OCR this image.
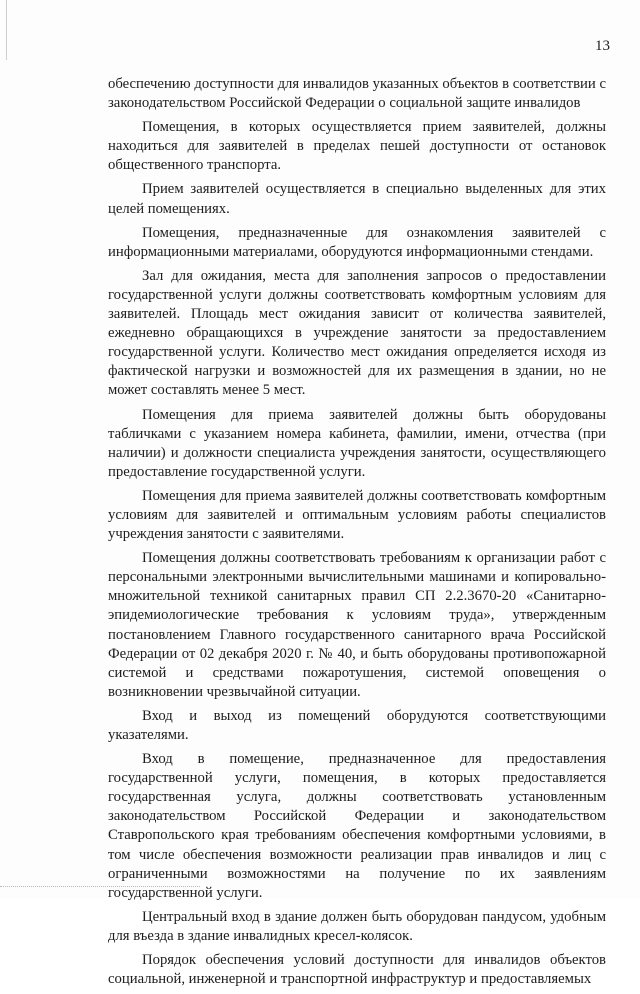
13

обеспечению доступности для инвалидов указанных объектов в соответствии с законодательством Российской Федерации о социальной защите инвалидов

Помещения, в которых осуществляется прием заявителей, должны находиться для заявителей в пределах пешей доступности от остановок общественного транспорта.

Прием заявителей осуществляется в специально выделенных для этих целей помещениях.

Помещения, предназначенные для ознакомления заявителей с информационными материалами, оборудуются информационными стендами.

Зал для ожидания, места для заполнения запросов о предоставлении государственной услуги должны соответствовать комфортным условиям для заявителей. Площадь мест ожидания зависит от количества заявителей, ежедневно обращающихся в учреждение занятости за предоставлением государственной услуги. Количество мест ожидания определяется исходя из фактической нагрузки и возможностей для их размещения в здании, но не может составлять менее 5 мест.

Помещения для приема заявителей должны быть оборудованы табличками с указанием номера кабинета, фамилии, имени, отчества (при наличии) и должности специалиста учреждения занятости, осуществляющего предоставление государственной услуги.

Помещения для приема заявителей должны соответствовать комфортным условиям для заявителей и оптимальным условиям работы специалистов учреждения занятости с заявителями.

Помещения должны соответствовать требованиям к организации работ с персональными электронными вычислительными машинами и копировально-множительной техникой санитарных правил СП 2.2.3670-20 «Санитарно-эпидемиологические требования к условиям труда», утвержденным постановлением Главного государственного санитарного врача Российской Федерации от 02 декабря 2020 г. № 40, и быть оборудованы противопожарной системой и средствами пожаротушения, системой оповещения о возникновении чрезвычайной ситуации.

Вход и выход из помещений оборудуются соответствующими указателями.

Вход в помещение, предназначенное для предоставления государственной услуги, помещения, в которых предоставляется государственная услуга, должны соответствовать установленным законодательством Российской Федерации и законодательством Ставропольского края требованиям обеспечения комфортными условиями, в том числе обеспечения возможности реализации прав инвалидов и лиц с ограниченными возможностями на получение по их заявлениям государственной услуги.

Центральный вход в здание должен быть оборудован пандусом, удобным для въезда в здание инвалидных кресел-колясок.

Порядок обеспечения условий доступности для инвалидов объектов социальной, инженерной и транспортной инфраструктур и предоставляемых
